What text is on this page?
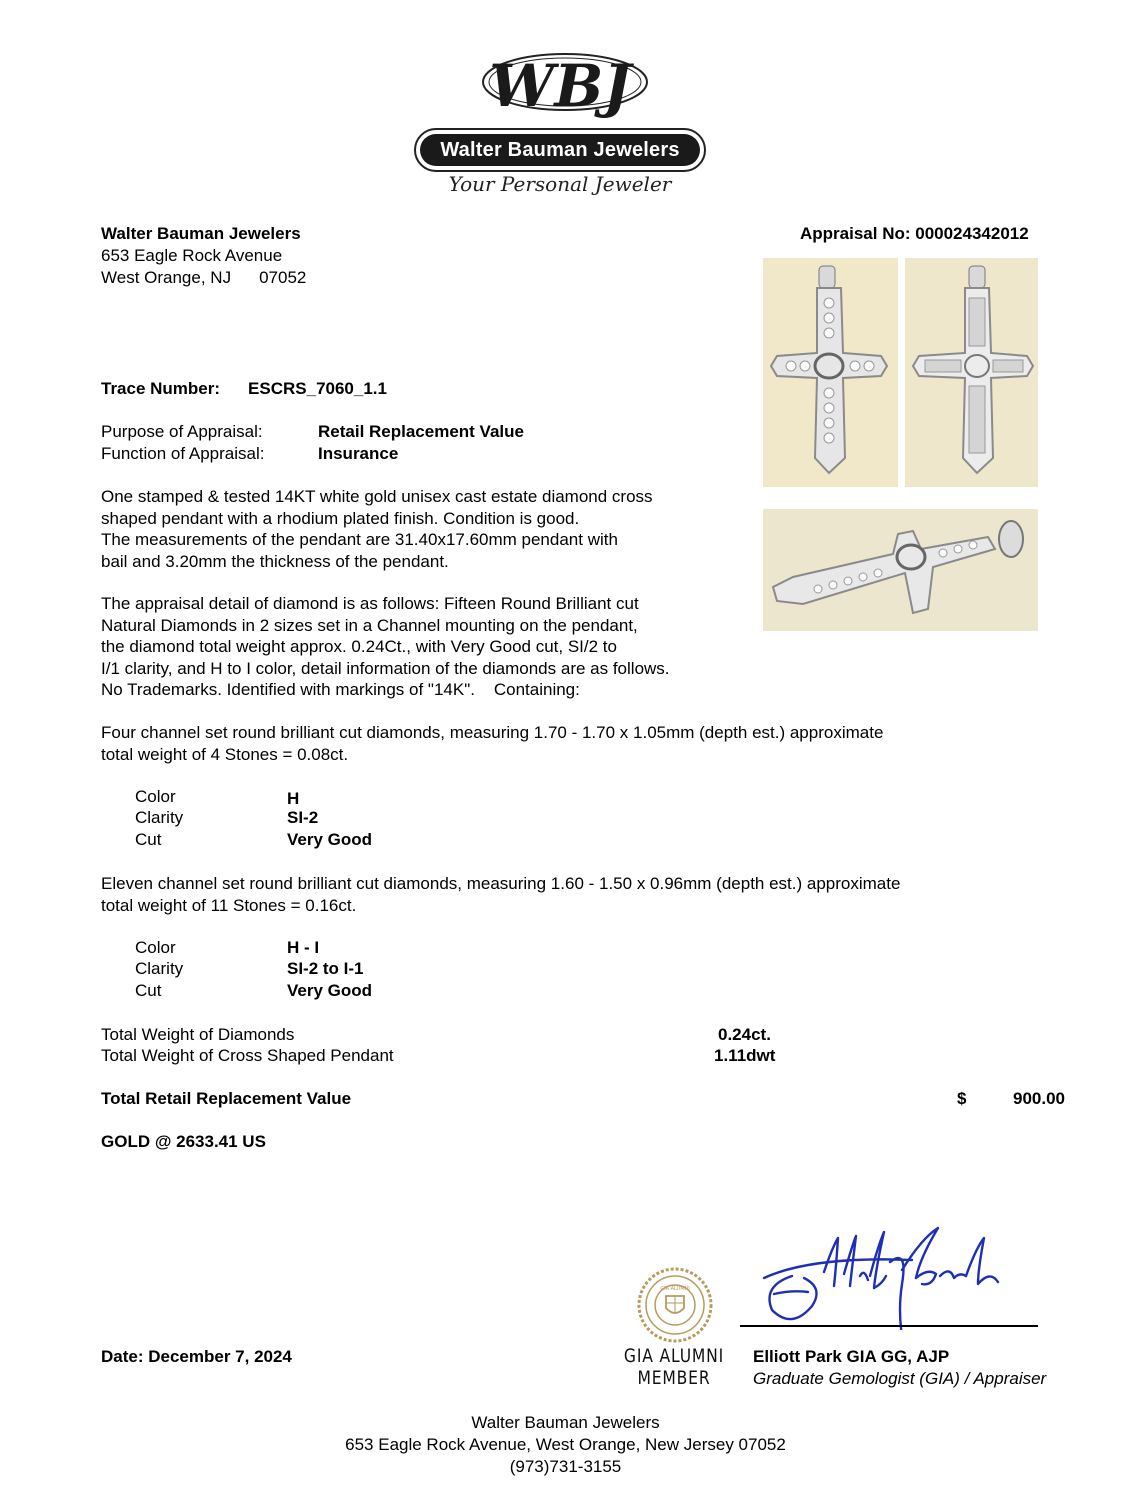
WBJ
Walter Bauman Jewelers
Your Personal Jeweler
Walter Bauman Jewelers
653 Eagle Rock Avenue
West Orange, NJ 07052
Appraisal No: 000024342012
Trace Number: ESCRS_7060_1.1
Purpose of Appraisal:	Retail Replacement Value
Function of Appraisal:	Insurance
One stamped & tested 14KT white gold unisex cast estate diamond cross
shaped pendant with a rhodium plated finish. Condition is good.
The measurements of the pendant are 31.40x17.60mm pendant with
bail and 3.20mm the thickness of the pendant.
The appraisal detail of diamond is as follows: Fifteen Round Brilliant cut
Natural Diamonds in 2 sizes set in a Channel mounting on the pendant,
the diamond total weight approx. 0.24Ct., with Very Good cut, SI/2 to
I/1 clarity, and H to I color, detail information of the diamonds are as follows.
No Trademarks. Identified with markings of "14K".    Containing:
Four channel set round brilliant cut diamonds, measuring 1.70 - 1.70 x 1.05mm (depth est.) approximate
total weight of 4 Stones = 0.08ct.
Color	H
Clarity	SI-2
Cut	Very Good
Eleven channel set round brilliant cut diamonds, measuring 1.60 - 1.50 x 0.96mm (depth est.) approximate
total weight of 11 Stones = 0.16ct.
Color	H - I
Clarity	SI-2 to I-1
Cut	Very Good
Total Weight of Diamonds	0.24ct.
Total Weight of Cross Shaped Pendant	1.11dwt
Total Retail Replacement Value	$	900.00
GOLD @ 2633.41 US
Date: December 7, 2024
GIA ALUMNI
GIA ALUMNI
MEMBER
Elliott Park GIA GG, AJP
Graduate Gemologist (GIA) / Appraiser
Walter Bauman Jewelers
653 Eagle Rock Avenue, West Orange, New Jersey 07052
(973)731-3155
